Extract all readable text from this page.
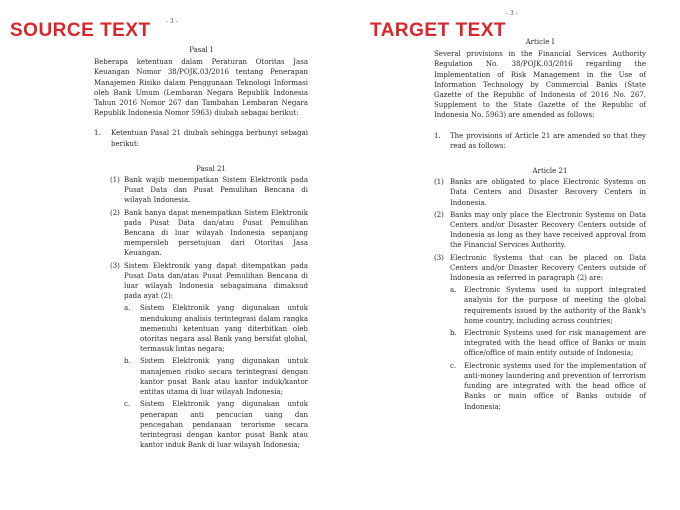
SOURCE TEXT	- 3 -

Pasal I

Beberapa ketentuan dalam Peraturan Otoritas Jasa Keuangan Nomor 38/POJK.03/2016 tentang Penerapan Manajemen Risiko dalam Penggunaan Teknologi Informasi oleh Bank Umum (Lembaran Negara Republik Indonesia Tahun 2016 Nomor 267 dan Tambahan Lembaran Negara Republik Indonesia Nomor 5963) diubah sebagai berikut:

1.	Ketentuan Pasal 21 diubah sehingga berbunyi sebagai berikut:

Pasal 21

(1) Bank wajib menempatkan Sistem Elektronik pada Pusat Data dan Pusat Pemulihan Bencana di wilayah Indonesia.
(2) Bank hanya dapat menempatkan Sistem Elektronik pada Pusat Data dan/atau Pusat Pemulihan Bencana di luar wilayah Indonesia sepanjang memperoleh persetujuan dari Otoritas Jasa Keuangan.
(3) Sistem Elektronik yang dapat ditempatkan pada Pusat Data dan/atau Pusat Pemulihan Bencana di luar wilayah Indonesia sebagaimana dimaksud pada ayat (2):
a.	Sistem Elektronik yang digunakan untuk mendukung analisis terintegrasi dalam rangka memenuhi ketentuan yang diterbitkan oleh otoritas negara asal Bank yang bersifat global, termasuk lintas negara;
b.	Sistem Elektronik yang digunakan untuk manajemen risiko secara terintegrasi dengan kantor pusat Bank atau kantor induk/kantor entitas utama di luar wilayah Indonesia;
c.	Sistem Elektronik yang digunakan untuk penerapan anti pencucian uang dan pencegahan pendanaan terorisme secara terintegrasi dengan kantor pusat Bank atau kantor induk Bank di luar wilayah Indonesia;
TARGET TEXT
- 3 -

Article I

Several provisions in the Financial Services Authority Regulation No. 38/POJK.03/2016 regarding the Implementation of Risk Management in the Use of Information Technology by Commercial Banks (State Gazette of the Republic of Indonesia of 2016 No. 267, Supplement to the State Gazette of the Republic of Indonesia No. 5963) are amended as follows:

1.	The provisions of Article 21 are amended so that they read as follows:

Article 21

(1) Banks are obligated to place Electronic Systems on Data Centers and Disaster Recovery Centers in Indonesia.
(2) Banks may only place the Electronic Systems on Data Centers and/or Disaster Recovery Centers outside of Indonesia as long as they have received approval from the Financial Services Authority.
(3) Electronic Systems that can be placed on Data Centers and/or Disaster Recovery Centers outside of Indonesia as referred in paragraph (2) are:
a.	Electronic Systems used to support integrated analysis for the purpose of meeting the global requirements issued by the authority of the Bank's home country, including across countries;
b.	Electronic Systems used for risk management are integrated with the head office of Banks or main office/office of main entity outside of Indonesia;
c.	Electronic systems used for the implementation of anti-money laundering and prevention of terrorism funding are integrated with the head office of Banks or main office of Banks outside of Indonesia;
